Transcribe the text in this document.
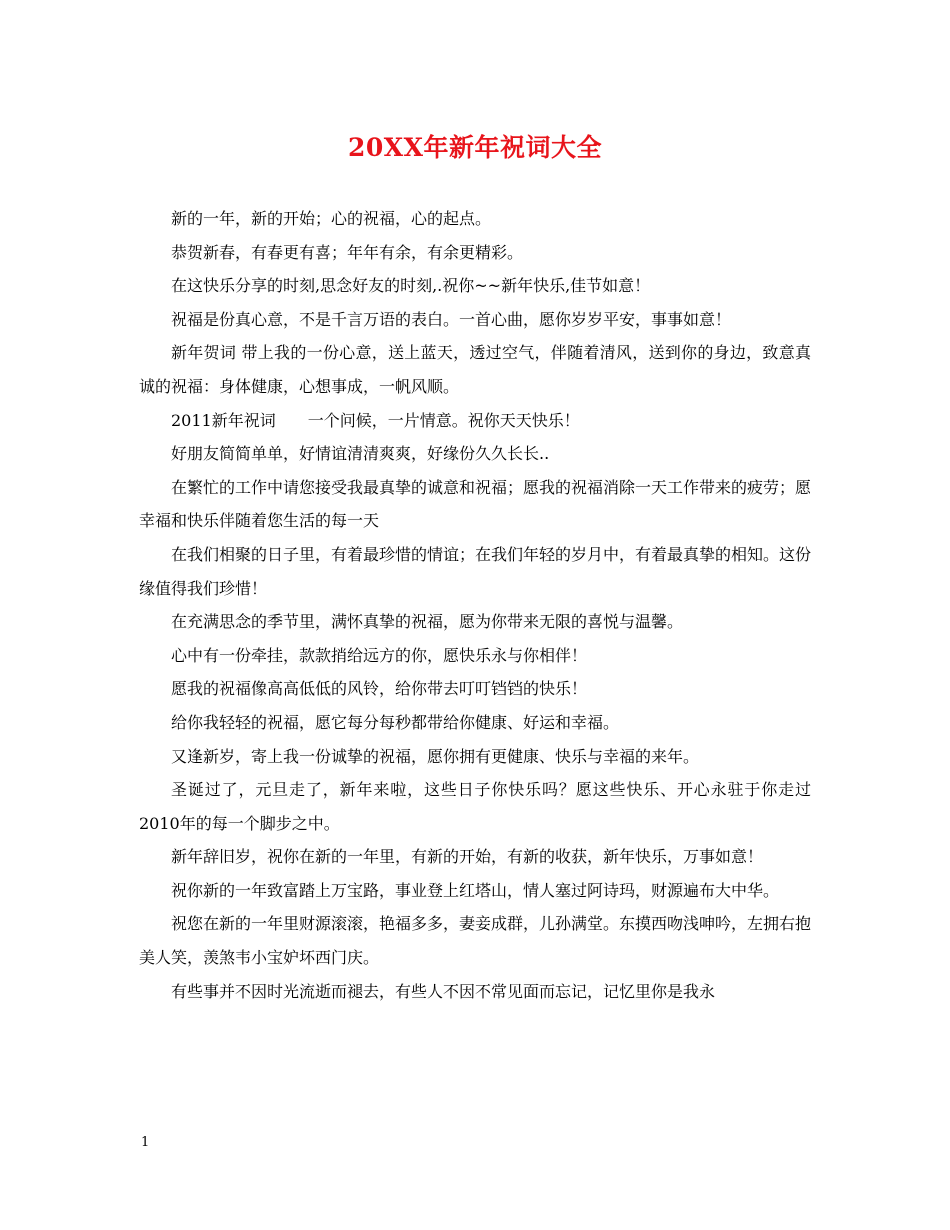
20XX年新年祝词大全

新的一年，新的开始；心的祝福，心的起点。

恭贺新春，有春更有喜；年年有余，有余更精彩。

在这快乐分享的时刻,思念好友的时刻,.祝你~~新年快乐,佳节如意！

祝福是份真心意，不是千言万语的表白。一首心曲，愿你岁岁平安，事事如意！

新年贺词 带上我的一份心意，送上蓝天，透过空气，伴随着清风，送到你的身边，致意真诚的祝福：身体健康，心想事成，一帆风顺。

2011新年祝词　　一个问候，一片情意。祝你天天快乐！

好朋友简简单单，好情谊清清爽爽，好缘份久久长长..

在繁忙的工作中请您接受我最真挚的诚意和祝福；愿我的祝福消除一天工作带来的疲劳；愿幸福和快乐伴随着您生活的每一天

在我们相聚的日子里，有着最珍惜的情谊；在我们年轻的岁月中，有着最真挚的相知。这份缘值得我们珍惜！

在充满思念的季节里，满怀真挚的祝福，愿为你带来无限的喜悦与温馨。

心中有一份牵挂，款款捎给远方的你，愿快乐永与你相伴！

愿我的祝福像高高低低的风铃，给你带去叮叮铛铛的快乐！

给你我轻轻的祝福，愿它每分每秒都带给你健康、好运和幸福。

又逢新岁，寄上我一份诚挚的祝福，愿你拥有更健康、快乐与幸福的来年。

圣诞过了，元旦走了，新年来啦，这些日子你快乐吗？愿这些快乐、开心永驻于你走过2010年的每一个脚步之中。

新年辞旧岁，祝你在新的一年里，有新的开始，有新的收获，新年快乐，万事如意！

祝你新的一年致富踏上万宝路，事业登上红塔山，情人塞过阿诗玛，财源遍布大中华。

祝您在新的一年里财源滚滚，艳福多多，妻妾成群，儿孙满堂。东摸西吻浅呻吟，左拥右抱美人笑，羡煞韦小宝妒坏西门庆。

有些事并不因时光流逝而褪去，有些人不因不常见面而忘记，记忆里你是我永

1
